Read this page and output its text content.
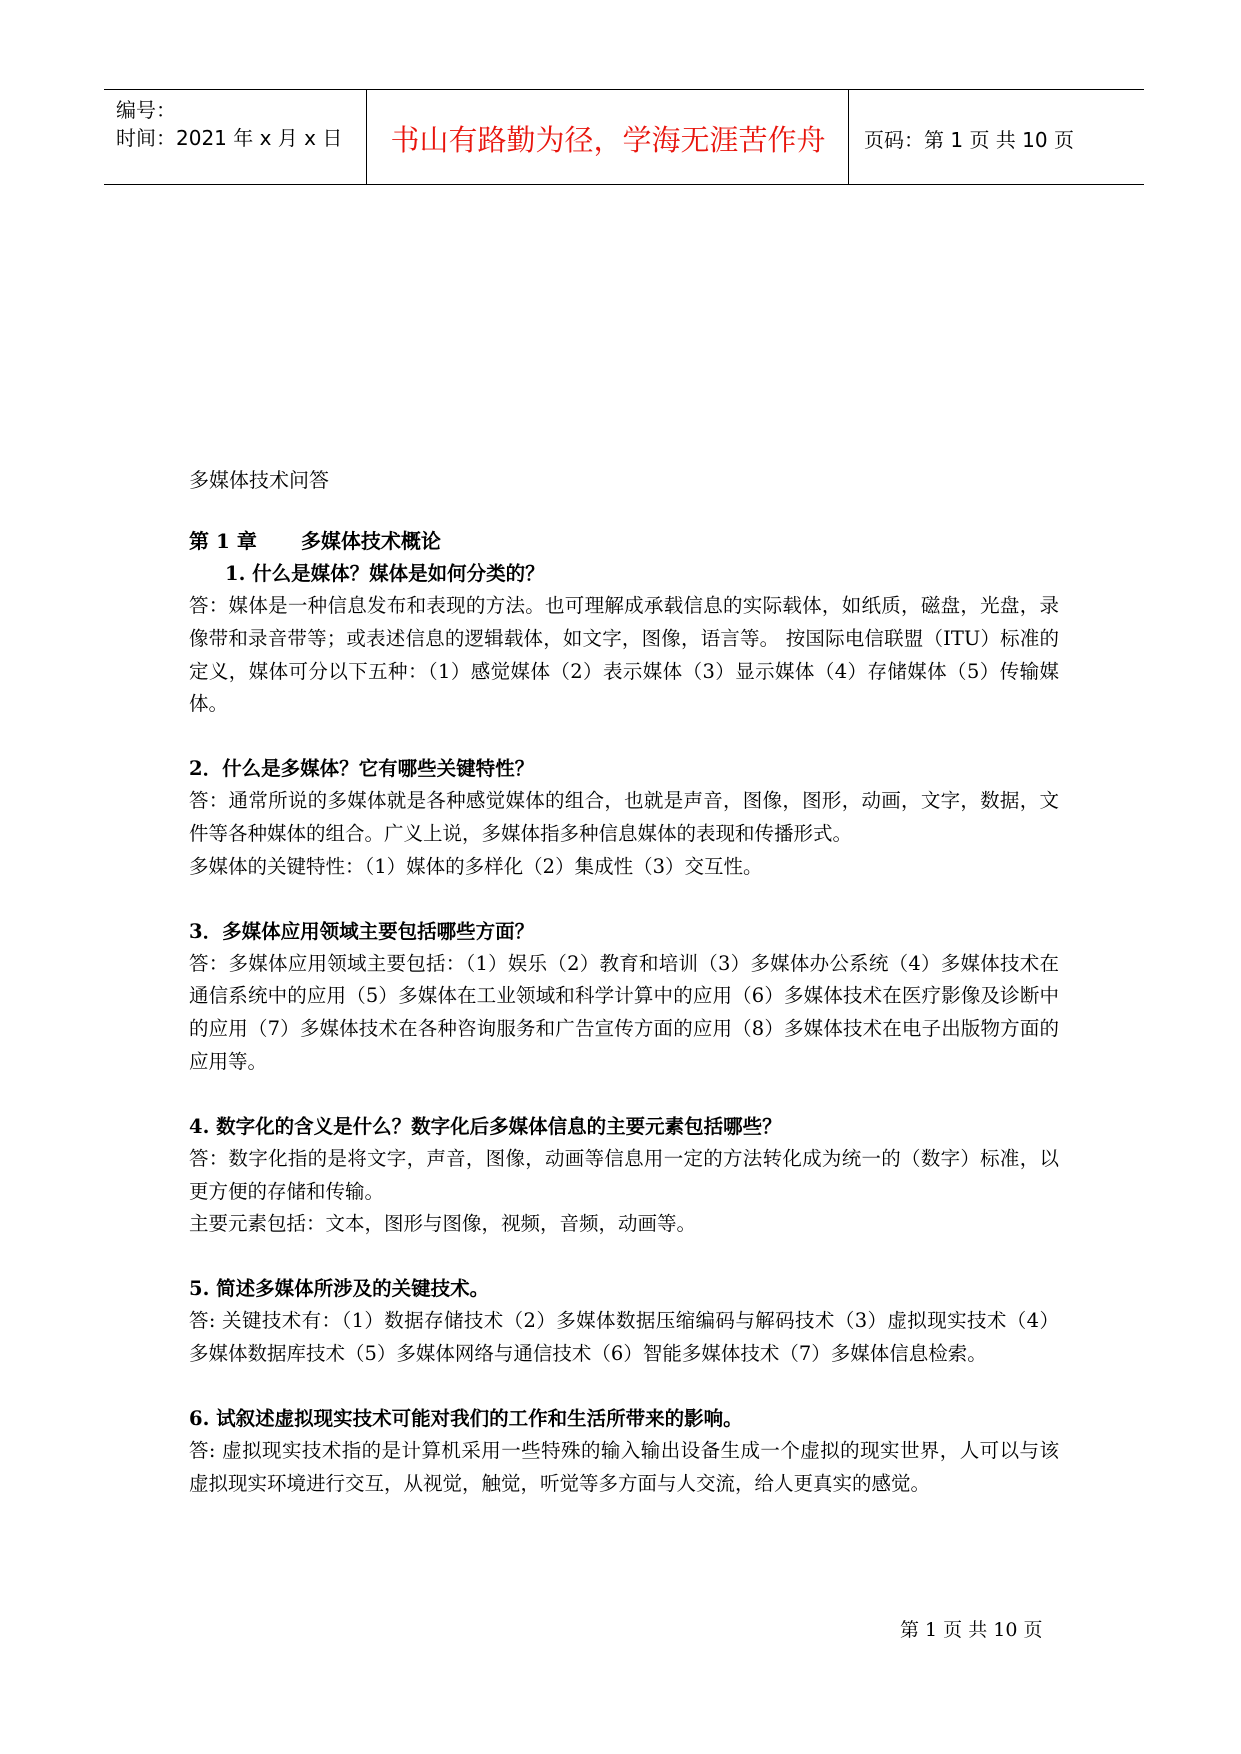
编号：
时间：2021 年 x 月 x 日	书山有路勤为径，学海无涯苦作舟	页码：第 1 页 共 10 页
多媒体技术问答
第 1 章 多媒体技术概论
1. 什么是媒体？媒体是如何分类的？
答：媒体是一种信息发布和表现的方法。也可理解成承载信息的实际载体，如纸质，磁盘，光盘，录像带和录音带等；或表述信息的逻辑载体，如文字，图像，语言等。 按国际电信联盟（ITU）标准的定义，媒体可分以下五种：（1）感觉媒体（2）表示媒体（3）显示媒体（4）存储媒体（5）传输媒体。
2．什么是多媒体？它有哪些关键特性？
答：通常所说的多媒体就是各种感觉媒体的组合，也就是声音，图像，图形，动画，文字，数据，文件等各种媒体的组合。广义上说，多媒体指多种信息媒体的表现和传播形式。
多媒体的关键特性：（1）媒体的多样化（2）集成性（3）交互性。
3．多媒体应用领域主要包括哪些方面？
答：多媒体应用领域主要包括：（1）娱乐（2）教育和培训（3）多媒体办公系统（4）多媒体技术在通信系统中的应用（5）多媒体在工业领域和科学计算中的应用（6）多媒体技术在医疗影像及诊断中的应用（7）多媒体技术在各种咨询服务和广告宣传方面的应用（8）多媒体技术在电子出版物方面的应用等。
4. 数字化的含义是什么？数字化后多媒体信息的主要元素包括哪些？
答：数字化指的是将文字，声音，图像，动画等信息用一定的方法转化成为统一的（数字）标准，以更方便的存储和传输。
主要元素包括：文本，图形与图像，视频，音频，动画等。
5. 简述多媒体所涉及的关键技术。
答: 关键技术有：（1）数据存储技术（2）多媒体数据压缩编码与解码技术（3）虚拟现实技术（4）多媒体数据库技术（5）多媒体网络与通信技术（6）智能多媒体技术（7）多媒体信息检索。
6. 试叙述虚拟现实技术可能对我们的工作和生活所带来的影响。
答: 虚拟现实技术指的是计算机采用一些特殊的输入输出设备生成一个虚拟的现实世界，人可以与该虚拟现实环境进行交互，从视觉，触觉，听觉等多方面与人交流，给人更真实的感觉。
第 1 页 共 10 页
